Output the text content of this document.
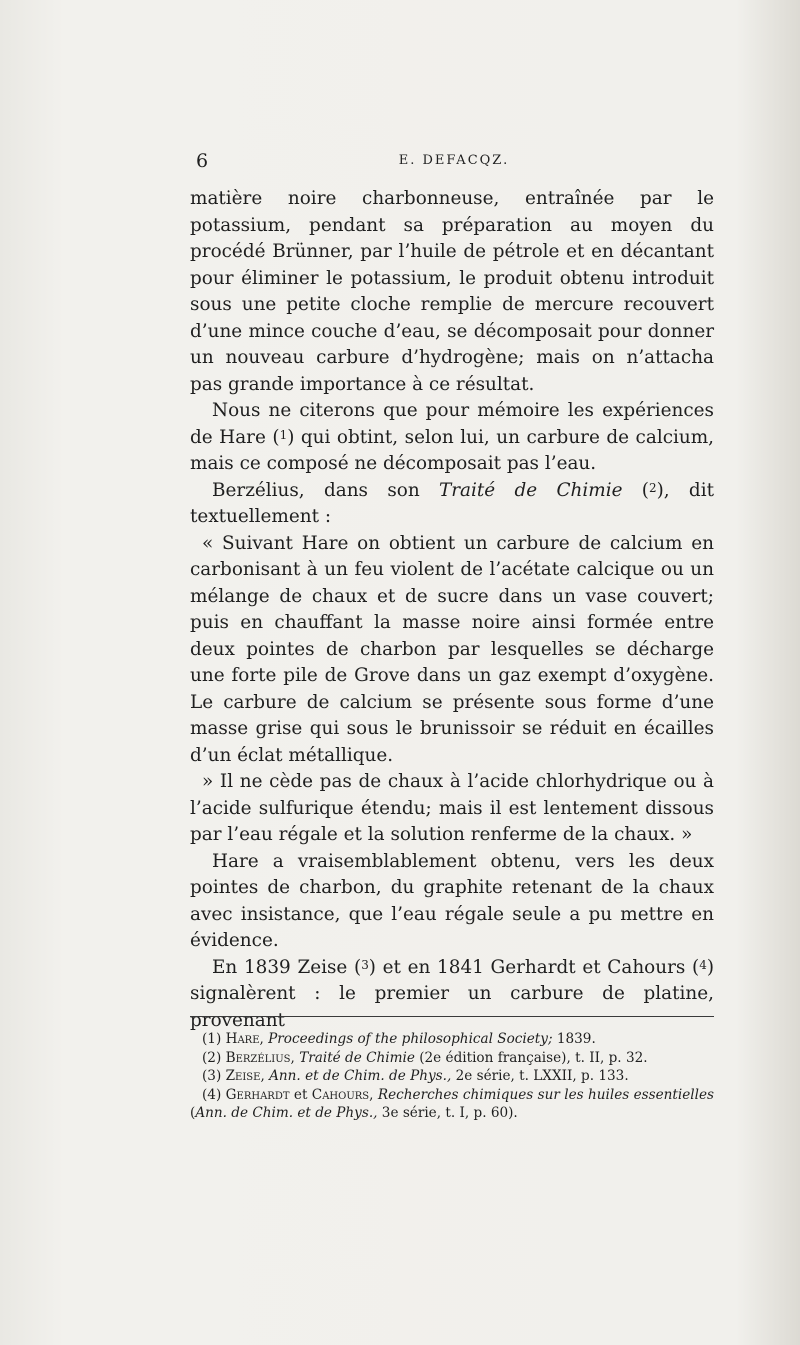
6	E. DEFACQZ.

matière noire charbonneuse, entraînée par le potassium, pendant sa préparation au moyen du procédé Brünner, par l’huile de pétrole et en décantant pour éliminer le potassium, le produit obtenu introduit sous une petite cloche remplie de mercure recouvert d’une mince couche d’eau, se décomposait pour donner un nouveau carbure d’hydrogène; mais on n’attacha pas grande importance à ce résultat.

Nous ne citerons que pour mémoire les expériences de Hare ($^1$) qui obtint, selon lui, un carbure de calcium, mais ce composé ne décomposait pas l’eau.

Berzélius, dans son Traité de Chimie ($^2$), dit textuellement :

« Suivant Hare on obtient un carbure de calcium en carbonisant à un feu violent de l’acétate calcique ou un mélange de chaux et de sucre dans un vase couvert; puis en chauffant la masse noire ainsi formée entre deux pointes de charbon par lesquelles se décharge une forte pile de Grove dans un gaz exempt d’oxygène. Le carbure de calcium se présente sous forme d’une masse grise qui sous le brunissoir se réduit en écailles d’un éclat métallique.

» Il ne cède pas de chaux à l’acide chlorhydrique ou à l’acide sulfurique étendu; mais il est lentement dissous par l’eau régale et la solution renferme de la chaux. »

Hare a vraisemblablement obtenu, vers les deux pointes de charbon, du graphite retenant de la chaux avec insistance, que l’eau régale seule a pu mettre en évidence.

En 1839 Zeise ($^3$) et en 1841 Gerhardt et Cahours ($^4$) signalèrent : le premier un carbure de platine, provenant

(1) Hare, Proceedings of the philosophical Society; 1839.

(2) Berzélius, Traité de Chimie (2e édition française), t. II, p. 32.

(3) Zeise, Ann. et de Chim. de Phys., 2e série, t. LXXII, p. 133.

(4) Gerhardt et Cahours, Recherches chimiques sur les huiles essentielles (Ann. de Chim. et de Phys., 3e série, t. I, p. 60).
